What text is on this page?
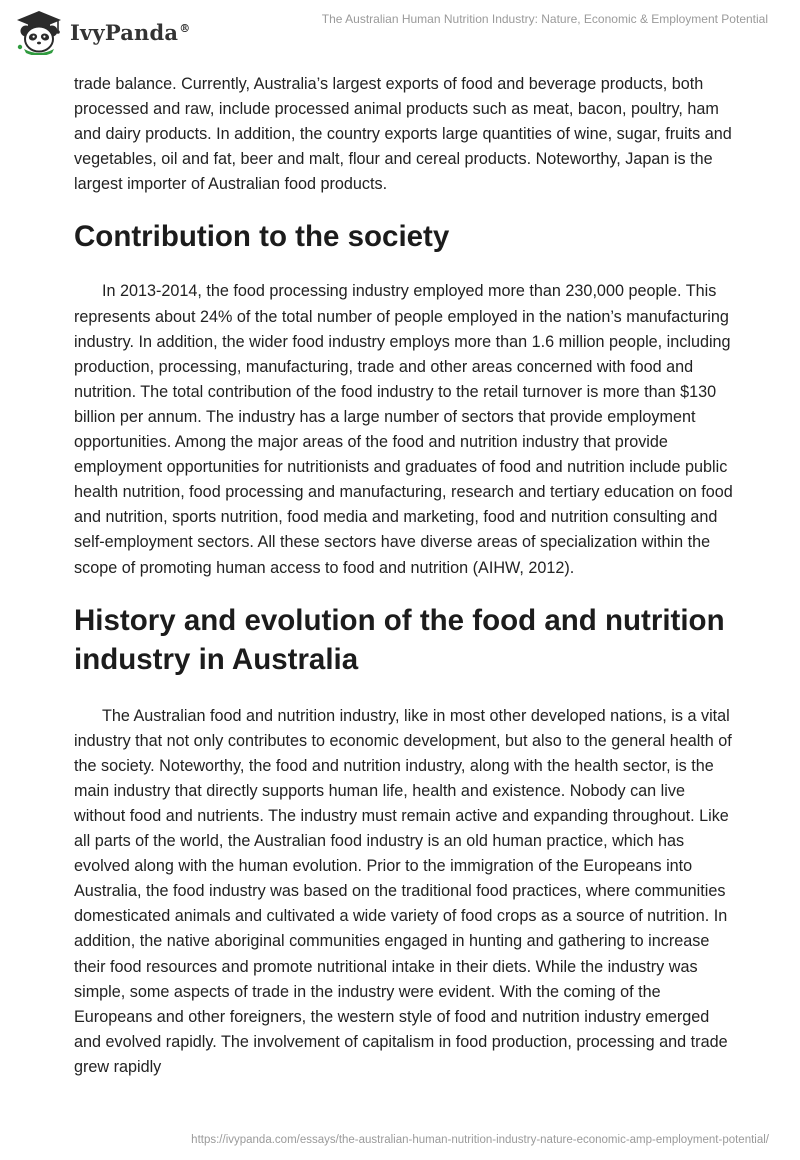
IvyPanda®
The Australian Human Nutrition Industry: Nature, Economic & Employment Potential

trade balance. Currently, Australia’s largest exports of food and beverage products, both processed and raw, include processed animal products such as meat, bacon, poultry, ham and dairy products. In addition, the country exports large quantities of wine, sugar, fruits and vegetables, oil and fat, beer and malt, flour and cereal products. Noteworthy, Japan is the largest importer of Australian food products.

Contribution to the society

In 2013-2014, the food processing industry employed more than 230,000 people. This represents about 24% of the total number of people employed in the nation’s manufacturing industry. In addition, the wider food industry employs more than 1.6 million people, including production, processing, manufacturing, trade and other areas concerned with food and nutrition. The total contribution of the food industry to the retail turnover is more than $130 billion per annum. The industry has a large number of sectors that provide employment opportunities. Among the major areas of the food and nutrition industry that provide employment opportunities for nutritionists and graduates of food and nutrition include public health nutrition, food processing and manufacturing, research and tertiary education on food and nutrition, sports nutrition, food media and marketing, food and nutrition consulting and self-employment sectors. All these sectors have diverse areas of specialization within the scope of promoting human access to food and nutrition (AIHW, 2012).

History and evolution of the food and nutrition industry in Australia

The Australian food and nutrition industry, like in most other developed nations, is a vital industry that not only contributes to economic development, but also to the general health of the society. Noteworthy, the food and nutrition industry, along with the health sector, is the main industry that directly supports human life, health and existence. Nobody can live without food and nutrients. The industry must remain active and expanding throughout. Like all parts of the world, the Australian food industry is an old human practice, which has evolved along with the human evolution. Prior to the immigration of the Europeans into Australia, the food industry was based on the traditional food practices, where communities domesticated animals and cultivated a wide variety of food crops as a source of nutrition. In addition, the native aboriginal communities engaged in hunting and gathering to increase their food resources and promote nutritional intake in their diets. While the industry was simple, some aspects of trade in the industry were evident. With the coming of the Europeans and other foreigners, the western style of food and nutrition industry emerged and evolved rapidly. The involvement of capitalism in food production, processing and trade grew rapidly

https://ivypanda.com/essays/the-australian-human-nutrition-industry-nature-economic-amp-employment-potential/
